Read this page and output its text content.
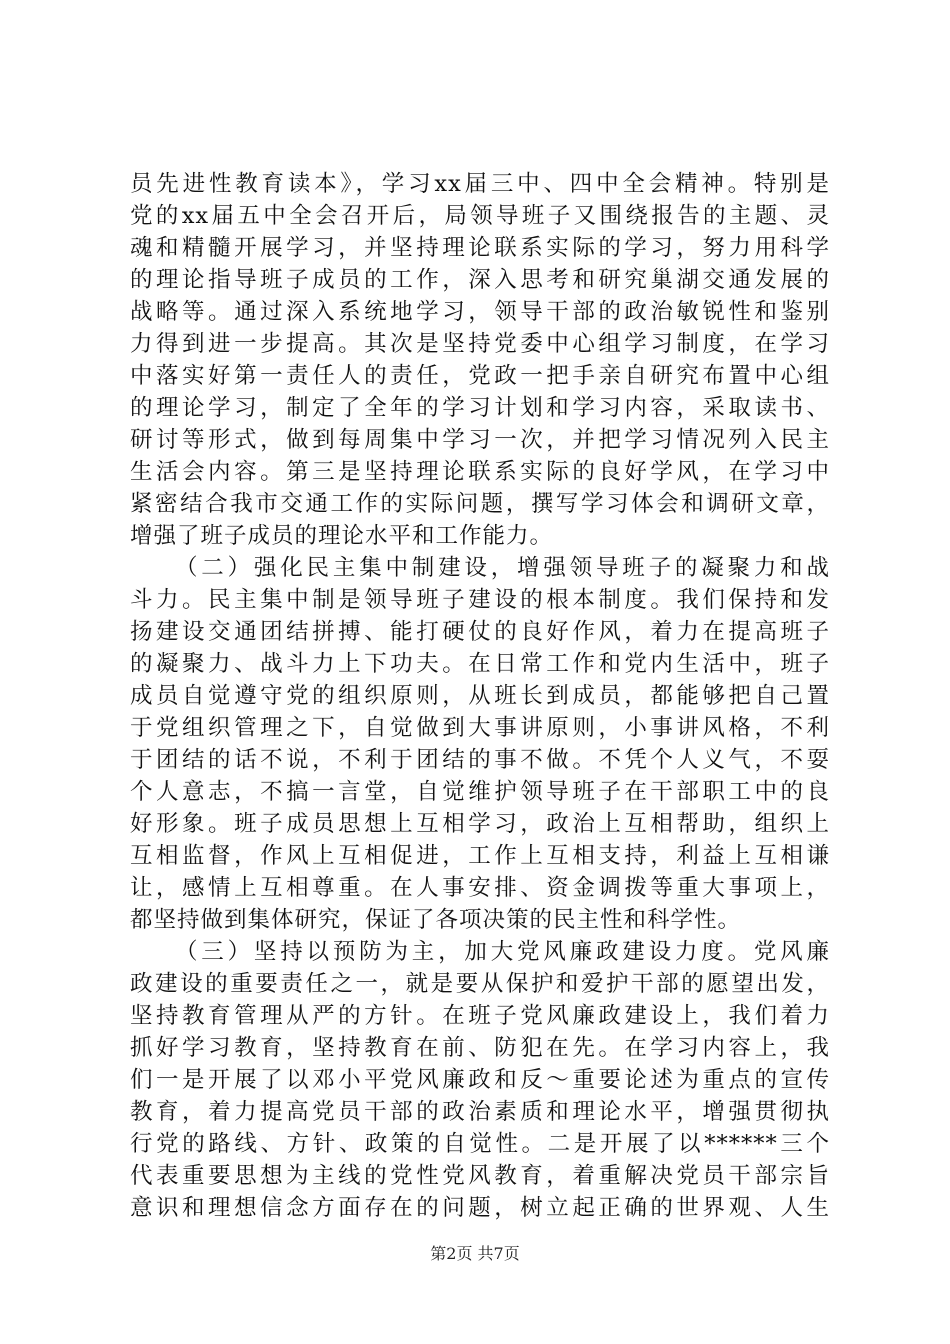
员先进性教育读本》，学习xx届三中、四中全会精神。特别是
党的xx届五中全会召开后，局领导班子又围绕报告的主题、灵
魂和精髓开展学习，并坚持理论联系实际的学习，努力用科学
的理论指导班子成员的工作，深入思考和研究巢湖交通发展的
战略等。通过深入系统地学习，领导干部的政治敏锐性和鉴别
力得到进一步提高。其次是坚持党委中心组学习制度，在学习
中落实好第一责任人的责任，党政一把手亲自研究布置中心组
的理论学习，制定了全年的学习计划和学习内容，采取读书、
研讨等形式，做到每周集中学习一次，并把学习情况列入民主
生活会内容。第三是坚持理论联系实际的良好学风，在学习中
紧密结合我市交通工作的实际问题，撰写学习体会和调研文章，
增强了班子成员的理论水平和工作能力。
（二）强化民主集中制建设，增强领导班子的凝聚力和战
斗力。民主集中制是领导班子建设的根本制度。我们保持和发
扬建设交通团结拼搏、能打硬仗的良好作风，着力在提高班子
的凝聚力、战斗力上下功夫。在日常工作和党内生活中，班子
成员自觉遵守党的组织原则，从班长到成员，都能够把自己置
于党组织管理之下，自觉做到大事讲原则，小事讲风格，不利
于团结的话不说，不利于团结的事不做。不凭个人义气，不耍
个人意志，不搞一言堂，自觉维护领导班子在干部职工中的良
好形象。班子成员思想上互相学习，政治上互相帮助，组织上
互相监督，作风上互相促进，工作上互相支持，利益上互相谦
让，感情上互相尊重。在人事安排、资金调拨等重大事项上，
都坚持做到集体研究，保证了各项决策的民主性和科学性。
（三）坚持以预防为主，加大党风廉政建设力度。党风廉
政建设的重要责任之一，就是要从保护和爱护干部的愿望出发，
坚持教育管理从严的方针。在班子党风廉政建设上，我们着力
抓好学习教育，坚持教育在前、防犯在先。在学习内容上，我
们一是开展了以邓小平党风廉政和反～重要论述为重点的宣传
教育，着力提高党员干部的政治素质和理论水平，增强贯彻执
行党的路线、方针、政策的自觉性。二是开展了以******三个
代表重要思想为主线的党性党风教育，着重解决党员干部宗旨
意识和理想信念方面存在的问题，树立起正确的世界观、人生
第2页 共7页
